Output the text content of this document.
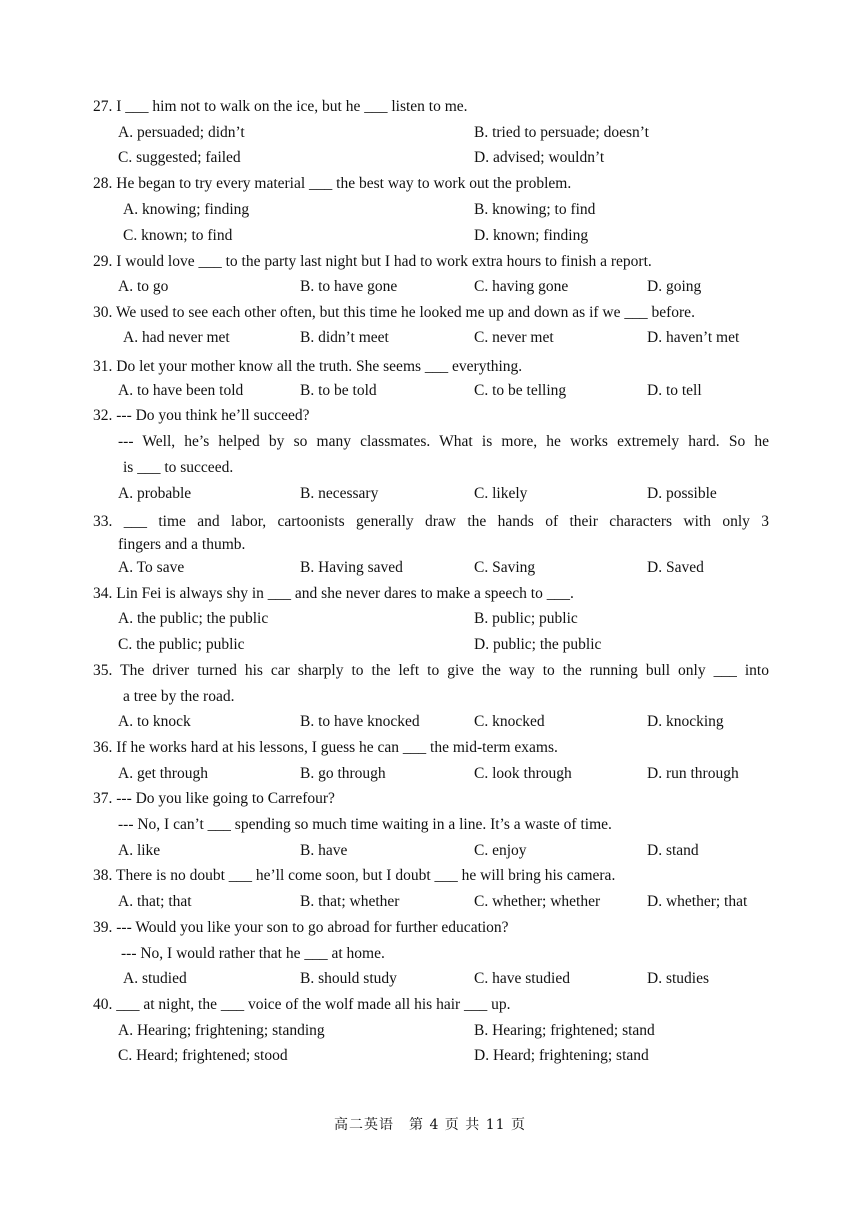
27. I ___ him not to walk on the ice, but he ___ listen to me.
A. persuaded; didn’t	B. tried to persuade; doesn’t
C. suggested; failed	D. advised; wouldn’t
28. He began to try every material ___ the best way to work out the problem.
A. knowing; finding	B. knowing; to find
C. known; to find	D. known; finding
29. I would love ___ to the party last night but I had to work extra hours to finish a report.
A. to go	B. to have gone	C. having gone	D. going
30. We used to see each other often, but this time he looked me up and down as if we ___ before.
A. had never met	B. didn’t meet	C. never met	D. haven’t met
31. Do let your mother know all the truth. She seems ___ everything.
A. to have been told	B. to be told	C. to be telling	D. to tell
32. --- Do you think he’ll succeed?
--- Well, he’s helped by so many classmates. What is more, he works extremely hard. So he
is ___ to succeed.
A. probable	B. necessary	C. likely	D. possible
33. ___ time and labor, cartoonists generally draw the hands of their characters with only 3
fingers and a thumb.
A. To save	B. Having saved	C. Saving	D. Saved
34. Lin Fei is always shy in ___ and she never dares to make a speech to ___.
A. the public; the public	B. public; public
C. the public; public	D. public; the public
35. The driver turned his car sharply to the left to give the way to the running bull only ___ into
a tree by the road.
A. to knock	B. to have knocked	C. knocked	D. knocking
36. If he works hard at his lessons, I guess he can ___ the mid-term exams.
A. get through	B. go through	C. look through	D. run through
37. --- Do you like going to Carrefour?
--- No, I can’t ___ spending so much time waiting in a line. It’s a waste of time.
A. like	B. have	C. enjoy	D. stand
38. There is no doubt ___ he’ll come soon, but I doubt ___ he will bring his camera.
A. that; that	B. that; whether	C. whether; whether	D. whether; that
39. --- Would you like your son to go abroad for further education?
--- No, I would rather that he ___ at home.
A. studied	B. should study	C. have studied	D. studies
40. ___ at night, the ___ voice of the wolf made all his hair ___ up.
A. Hearing; frightening; standing	B. Hearing; frightened; stand
C. Heard; frightened; stood	D. Heard; frightening; stand
高二英语　第 4 页 共 11 页
